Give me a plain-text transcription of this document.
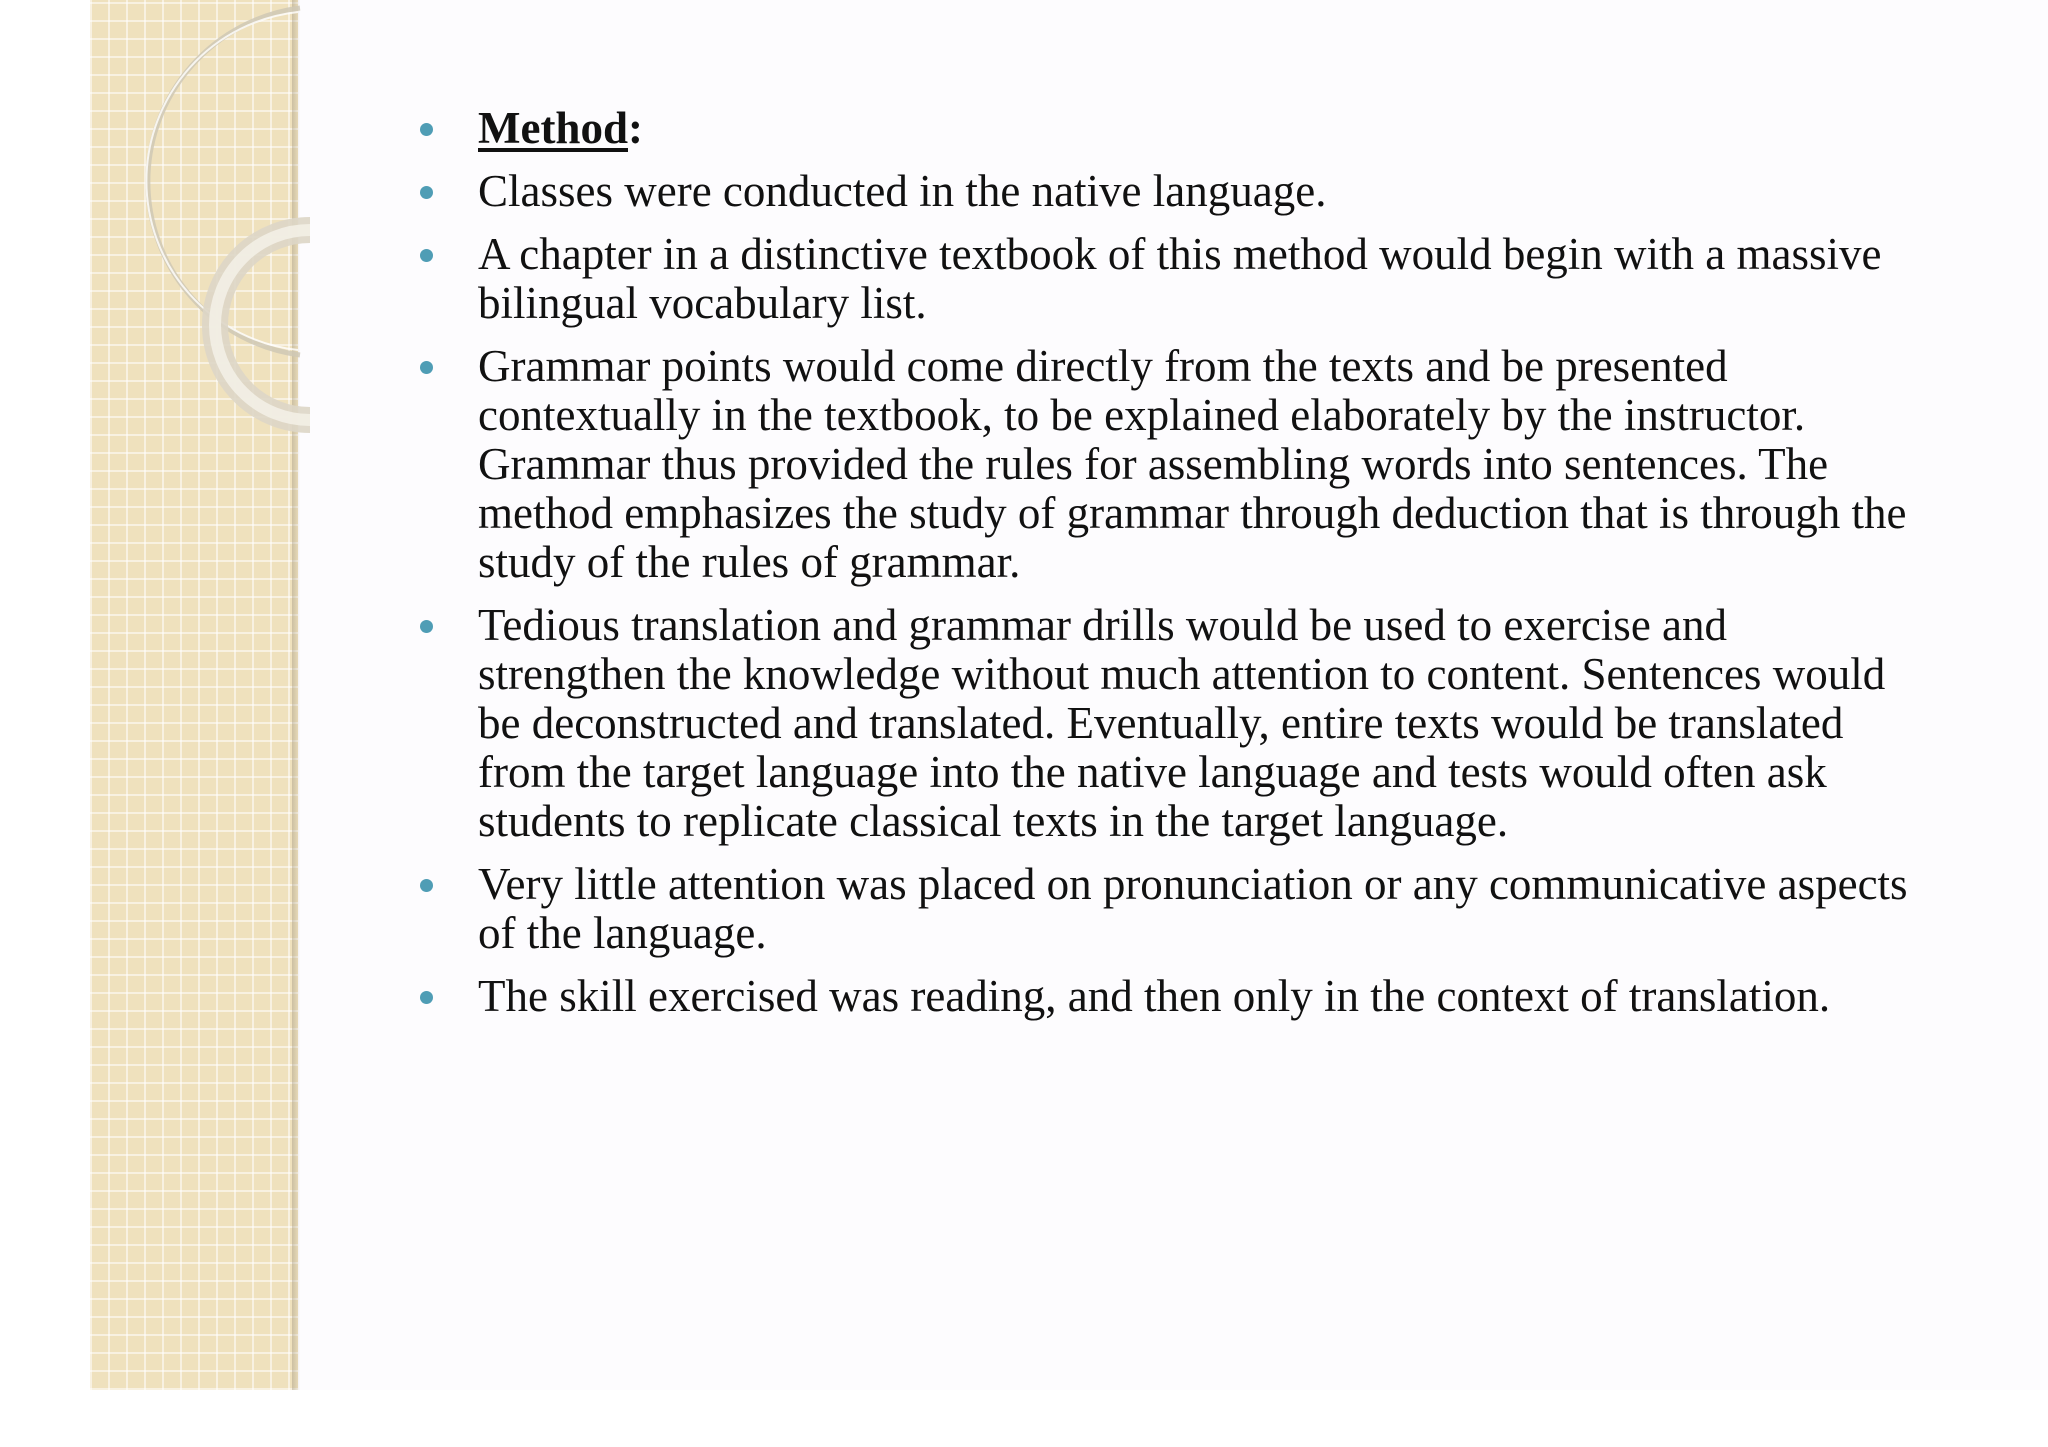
Method:
Classes were conducted in the native language.
A chapter in a distinctive textbook of this method would begin with a massive bilingual vocabulary list.
Grammar points would come directly from the texts and be presented contextually in the textbook, to be explained elaborately by the instructor. Grammar thus provided the rules for assembling words into sentences. The method emphasizes the study of grammar through deduction that is through the study of the rules of grammar.
Tedious translation and grammar drills would be used to exercise and strengthen the knowledge without much attention to content. Sentences would be deconstructed and translated. Eventually, entire texts would be translated from the target language into the native language and tests would often ask students to replicate classical texts in the target language.
Very little attention was placed on pronunciation or any communicative aspects of the language.
The skill exercised was reading, and then only in the context of translation.
